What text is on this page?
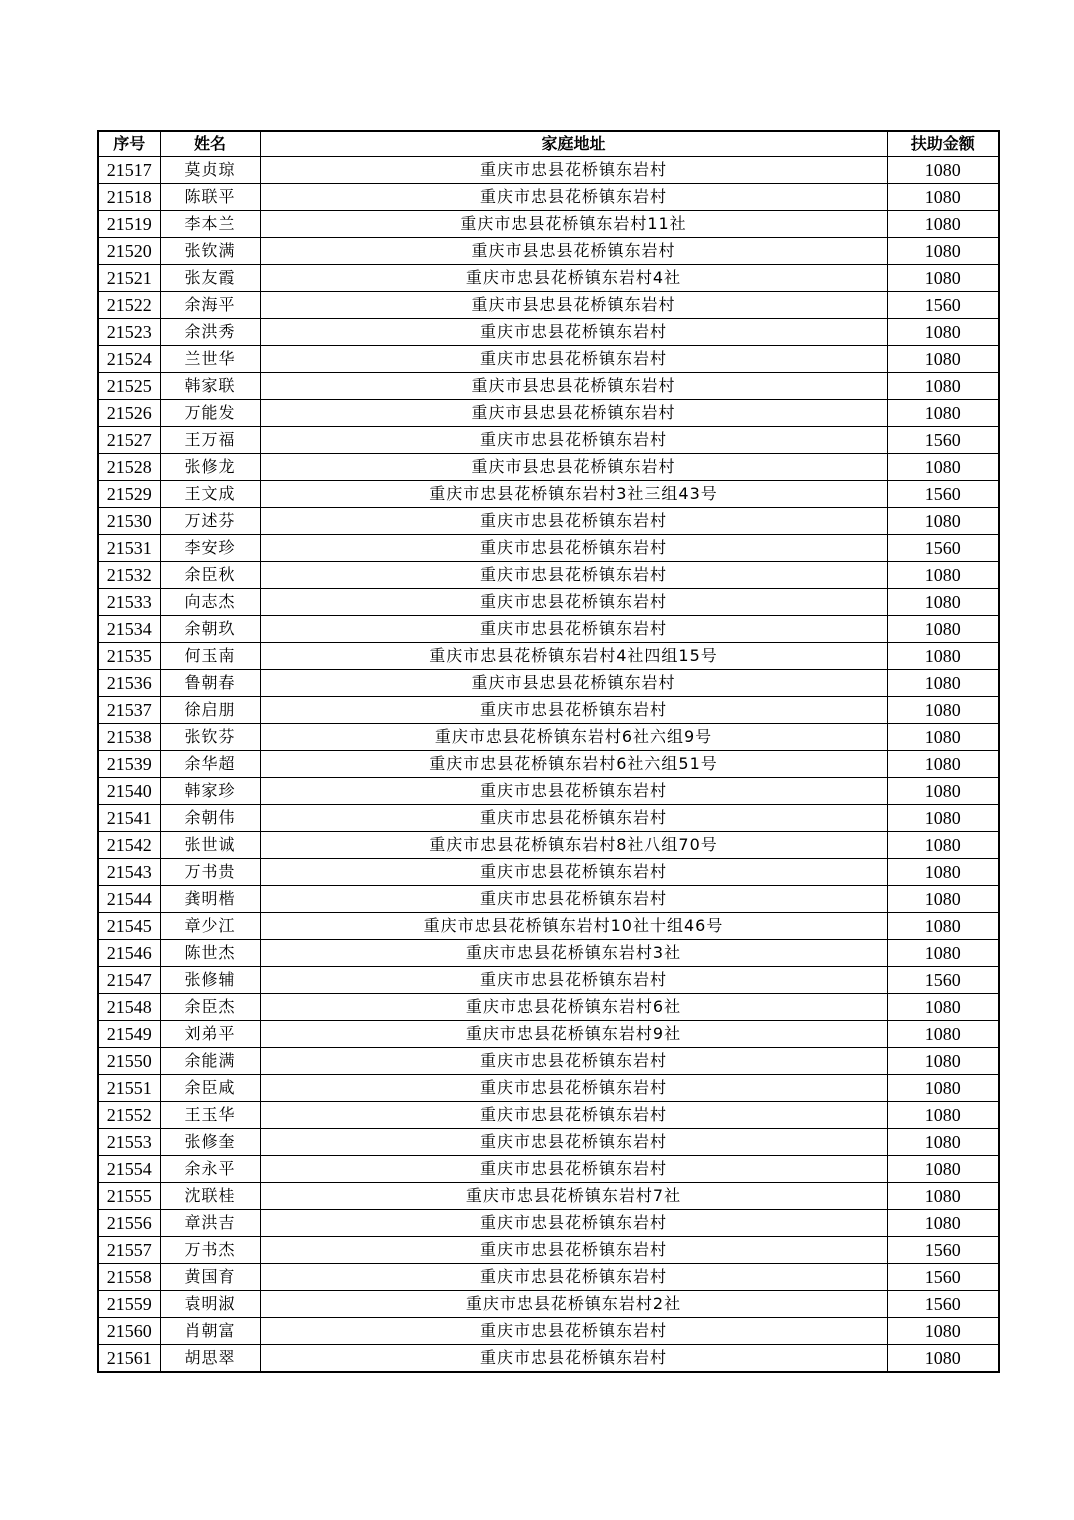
序号	姓名	家庭地址	扶助金额
21517	莫贞琼	重庆市忠县花桥镇东岩村	1080
21518	陈联平	重庆市忠县花桥镇东岩村	1080
21519	李本兰	重庆市忠县花桥镇东岩村11社	1080
21520	张钦满	重庆市县忠县花桥镇东岩村	1080
21521	张友霞	重庆市忠县花桥镇东岩村4社	1080
21522	余海平	重庆市县忠县花桥镇东岩村	1560
21523	余洪秀	重庆市忠县花桥镇东岩村	1080
21524	兰世华	重庆市忠县花桥镇东岩村	1080
21525	韩家联	重庆市县忠县花桥镇东岩村	1080
21526	万能发	重庆市县忠县花桥镇东岩村	1080
21527	王万福	重庆市忠县花桥镇东岩村	1560
21528	张修龙	重庆市县忠县花桥镇东岩村	1080
21529	王文成	重庆市忠县花桥镇东岩村3社三组43号	1560
21530	万述芬	重庆市忠县花桥镇东岩村	1080
21531	李安珍	重庆市忠县花桥镇东岩村	1560
21532	余臣秋	重庆市忠县花桥镇东岩村	1080
21533	向志杰	重庆市忠县花桥镇东岩村	1080
21534	余朝玖	重庆市忠县花桥镇东岩村	1080
21535	何玉南	重庆市忠县花桥镇东岩村4社四组15号	1080
21536	鲁朝春	重庆市县忠县花桥镇东岩村	1080
21537	徐启朋	重庆市忠县花桥镇东岩村	1080
21538	张钦芬	重庆市忠县花桥镇东岩村6社六组9号	1080
21539	余华超	重庆市忠县花桥镇东岩村6社六组51号	1080
21540	韩家珍	重庆市忠县花桥镇东岩村	1080
21541	余朝伟	重庆市忠县花桥镇东岩村	1080
21542	张世诚	重庆市忠县花桥镇东岩村8社八组70号	1080
21543	万书贵	重庆市忠县花桥镇东岩村	1080
21544	龚明楷	重庆市忠县花桥镇东岩村	1080
21545	章少江	重庆市忠县花桥镇东岩村10社十组46号	1080
21546	陈世杰	重庆市忠县花桥镇东岩村3社	1080
21547	张修辅	重庆市忠县花桥镇东岩村	1560
21548	余臣杰	重庆市忠县花桥镇东岩村6社	1080
21549	刘弟平	重庆市忠县花桥镇东岩村9社	1080
21550	余能满	重庆市忠县花桥镇东岩村	1080
21551	余臣咸	重庆市忠县花桥镇东岩村	1080
21552	王玉华	重庆市忠县花桥镇东岩村	1080
21553	张修奎	重庆市忠县花桥镇东岩村	1080
21554	余永平	重庆市忠县花桥镇东岩村	1080
21555	沈联桂	重庆市忠县花桥镇东岩村7社	1080
21556	章洪吉	重庆市忠县花桥镇东岩村	1080
21557	万书杰	重庆市忠县花桥镇东岩村	1560
21558	黄国育	重庆市忠县花桥镇东岩村	1560
21559	袁明淑	重庆市忠县花桥镇东岩村2社	1560
21560	肖朝富	重庆市忠县花桥镇东岩村	1080
21561	胡思翠	重庆市忠县花桥镇东岩村	1080
